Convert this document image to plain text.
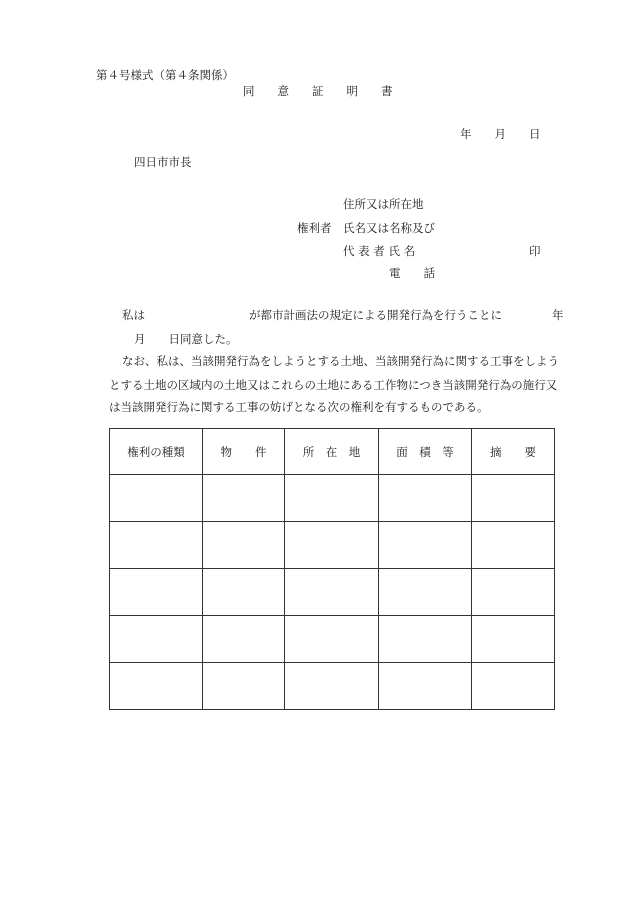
第４号様式（第４条関係）
同　　意　　証　　明　　書
年　　月　　日
四日市市長
住所又は所在地
権利者 氏名又は名称及び
代 表 者 氏 名	印
電　　話
私は	が都市計画法の規定による開発行為を行うことに	年
月　　日同意した。
なお、私は、当該開発行為をしようとする土地、当該開発行為に関する工事をしよう
とする土地の区域内の土地又はこれらの土地にある工作物につき当該開発行為の施行又
は当該開発行為に関する工事の妨げとなる次の権利を有するものである。
権利の種類	物　　件	所　在　地	面　積　等	摘　　要
